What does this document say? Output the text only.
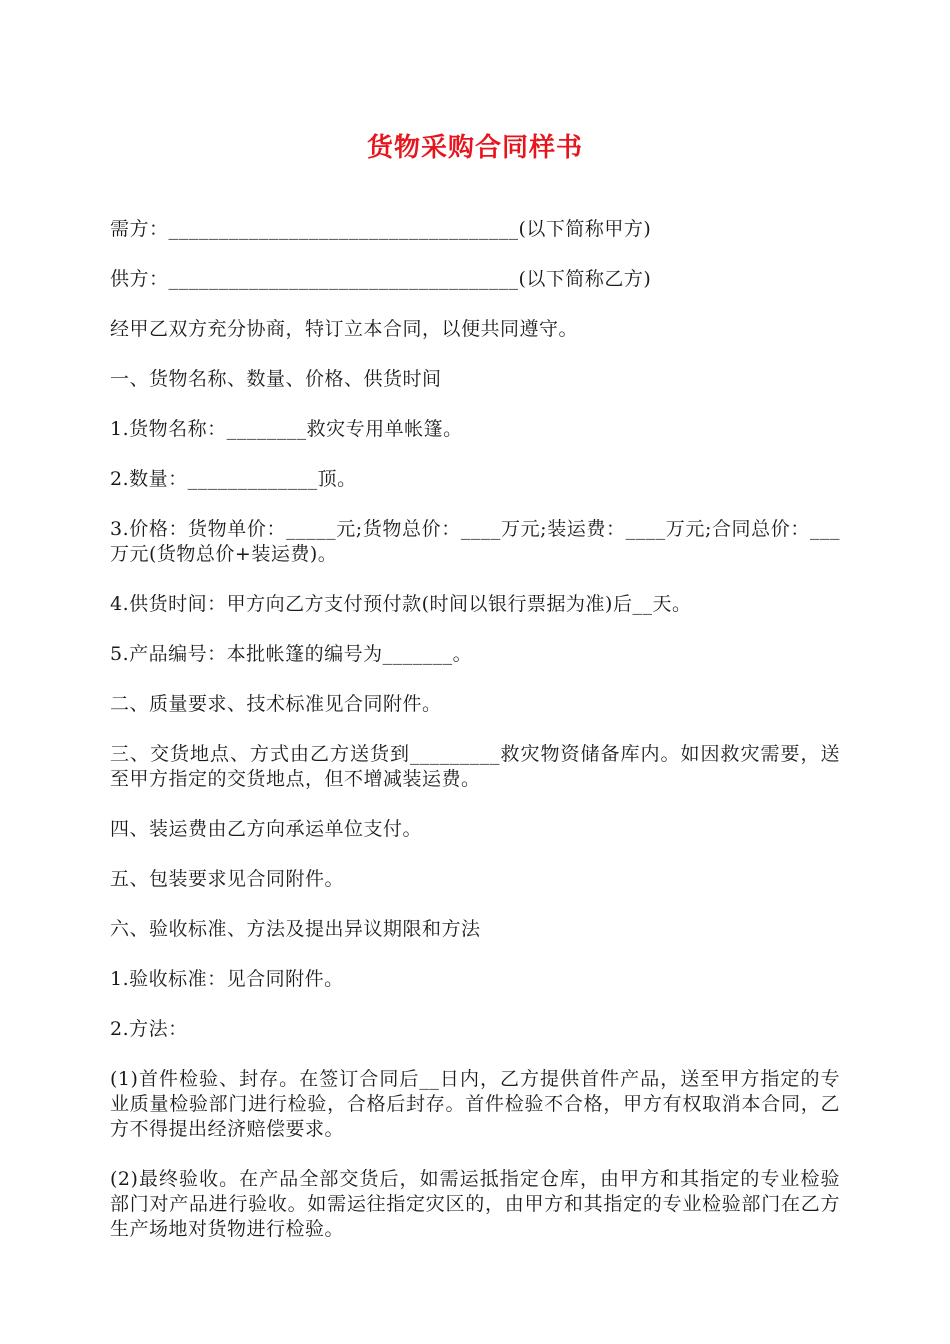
货物采购合同样书

需方：___________________________________(以下简称甲方)

供方：___________________________________(以下简称乙方)

经甲乙双方充分协商，特订立本合同，以便共同遵守。

一、货物名称、数量、价格、供货时间

1.货物名称：________救灾专用单帐篷。

2.数量：_____________顶。

3.价格：货物单价：_____元;货物总价：____万元;装运费：____万元;合同总价：___万元(货物总价+装运费)。

4.供货时间：甲方向乙方支付预付款(时间以银行票据为准)后__天。

5.产品编号：本批帐篷的编号为_______。

二、质量要求、技术标准见合同附件。

三、交货地点、方式由乙方送货到_________救灾物资储备库内。如因救灾需要，送至甲方指定的交货地点，但不增减装运费。

四、装运费由乙方向承运单位支付。

五、包装要求见合同附件。

六、验收标准、方法及提出异议期限和方法

1.验收标准：见合同附件。

2.方法：

(1)首件检验、封存。在签订合同后__日内，乙方提供首件产品，送至甲方指定的专业质量检验部门进行检验，合格后封存。首件检验不合格，甲方有权取消本合同，乙方不得提出经济赔偿要求。

(2)最终验收。在产品全部交货后，如需运抵指定仓库，由甲方和其指定的专业检验部门对产品进行验收。如需运往指定灾区的，由甲方和其指定的专业检验部门在乙方生产场地对货物进行检验。
